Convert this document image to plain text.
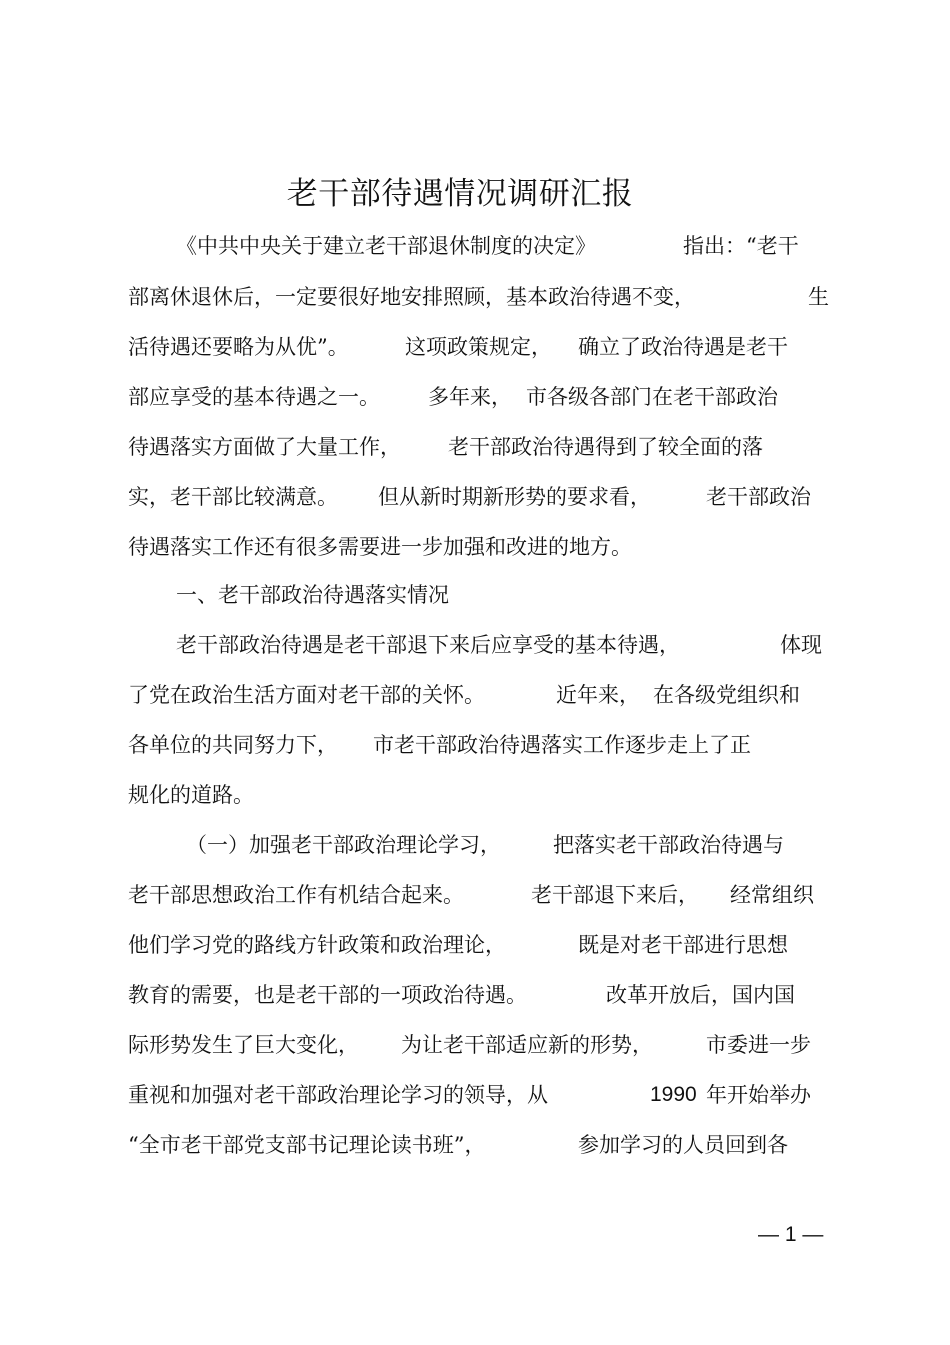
老干部待遇情况调研汇报
《中共中央关于建立老干部退休制度的决定》	指出：“老干
部离休退休后，一定要很好地安排照顾，基本政治待遇不变，	生
活待遇还要略为从优”。	这项政策规定， 确立了政治待遇是老干
部应享受的基本待遇之一。 多年来， 市各级各部门在老干部政治
待遇落实方面做了大量工作， 老干部政治待遇得到了较全面的落
实，老干部比较满意。 但从新时期新形势的要求看，	老干部政治
待遇落实工作还有很多需要进一步加强和改进的地方。
一、老干部政治待遇落实情况
老干部政治待遇是老干部退下来后应享受的基本待遇，	体现
了党在政治生活方面对老干部的关怀。	近年来， 在各级党组织和
各单位的共同努力下， 市老干部政治待遇落实工作逐步走上了正
规化的道路。
（一）加强老干部政治理论学习， 把落实老干部政治待遇与
老干部思想政治工作有机结合起来。	老干部退下来后， 经常组织
他们学习党的路线方针政策和政治理论，	既是对老干部进行思想
教育的需要，也是老干部的一项政治待遇。	改革开放后，国内国
际形势发生了巨大变化， 为让老干部适应新的形势，	市委进一步
重视和加强对老干部政治理论学习的领导，从	1990 年开始举办
“全市老干部党支部书记理论读书班”，	参加学习的人员回到各
— 1 —
